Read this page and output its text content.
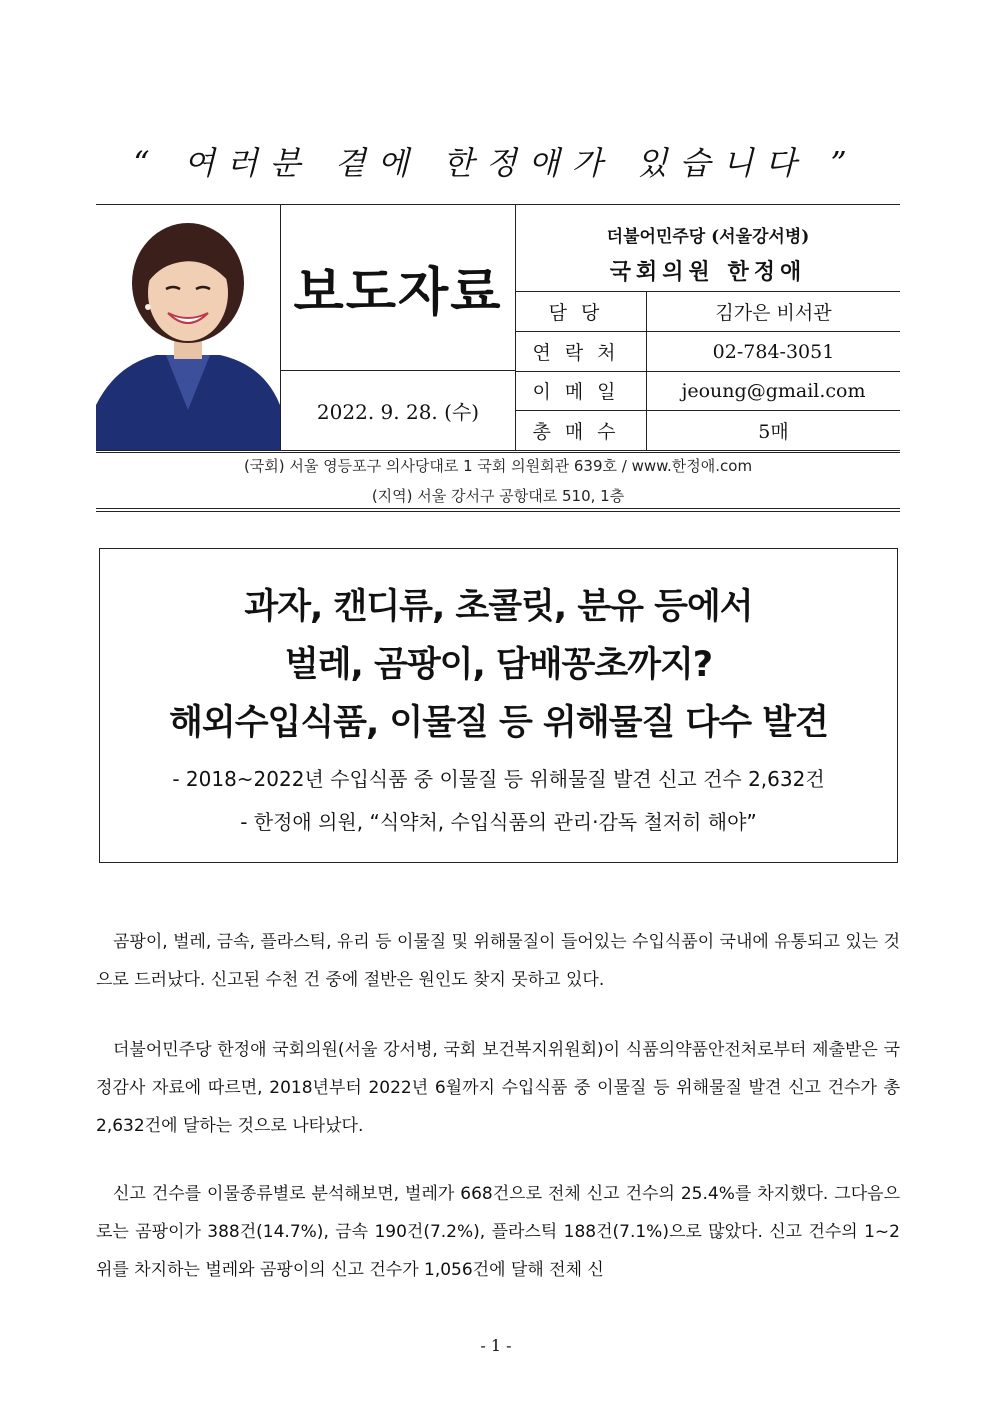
“ 여러분 곁에 한정애가 있습니다 ”
보도자료
2022. 9. 28. (수)
더불어민주당 (서울강서병)
국회의원 한정애
담당	김가은 비서관
연락처	02-784-3051
이메일	jeoung@gmail.com
총매수	5매
(국회) 서울 영등포구 의사당대로 1 국회 의원회관 639호 / www.한정애.com
(지역) 서울 강서구 공항대로 510, 1층
과자, 캔디류, 초콜릿, 분유 등에서
벌레, 곰팡이, 담배꽁초까지?
해외수입식품, 이물질 등 위해물질 다수 발견
- 2018~2022년 수입식품 중 이물질 등 위해물질 발견 신고 건수 2,632건
- 한정애 의원, “식약처, 수입식품의 관리·감독 철저히 해야”

곰팡이, 벌레, 금속, 플라스틱, 유리 등 이물질 및 위해물질이 들어있는 수입식품이 국내에 유통되고 있는 것으로 드러났다. 신고된 수천 건 중에 절반은 원인도 찾지 못하고 있다.

더불어민주당 한정애 국회의원(서울 강서병, 국회 보건복지위원회)이 식품의약품안전처로부터 제출받은 국정감사 자료에 따르면, 2018년부터 2022년 6월까지 수입식품 중 이물질 등 위해물질 발견 신고 건수가 총 2,632건에 달하는 것으로 나타났다.

신고 건수를 이물종류별로 분석해보면, 벌레가 668건으로 전체 신고 건수의 25.4%를 차지했다. 그다음으로는 곰팡이가 388건(14.7%), 금속 190건(7.2%), 플라스틱 188건(7.1%)으로 많았다. 신고 건수의 1~2위를 차지하는 벌레와 곰팡이의 신고 건수가 1,056건에 달해 전체 신

- 1 -
